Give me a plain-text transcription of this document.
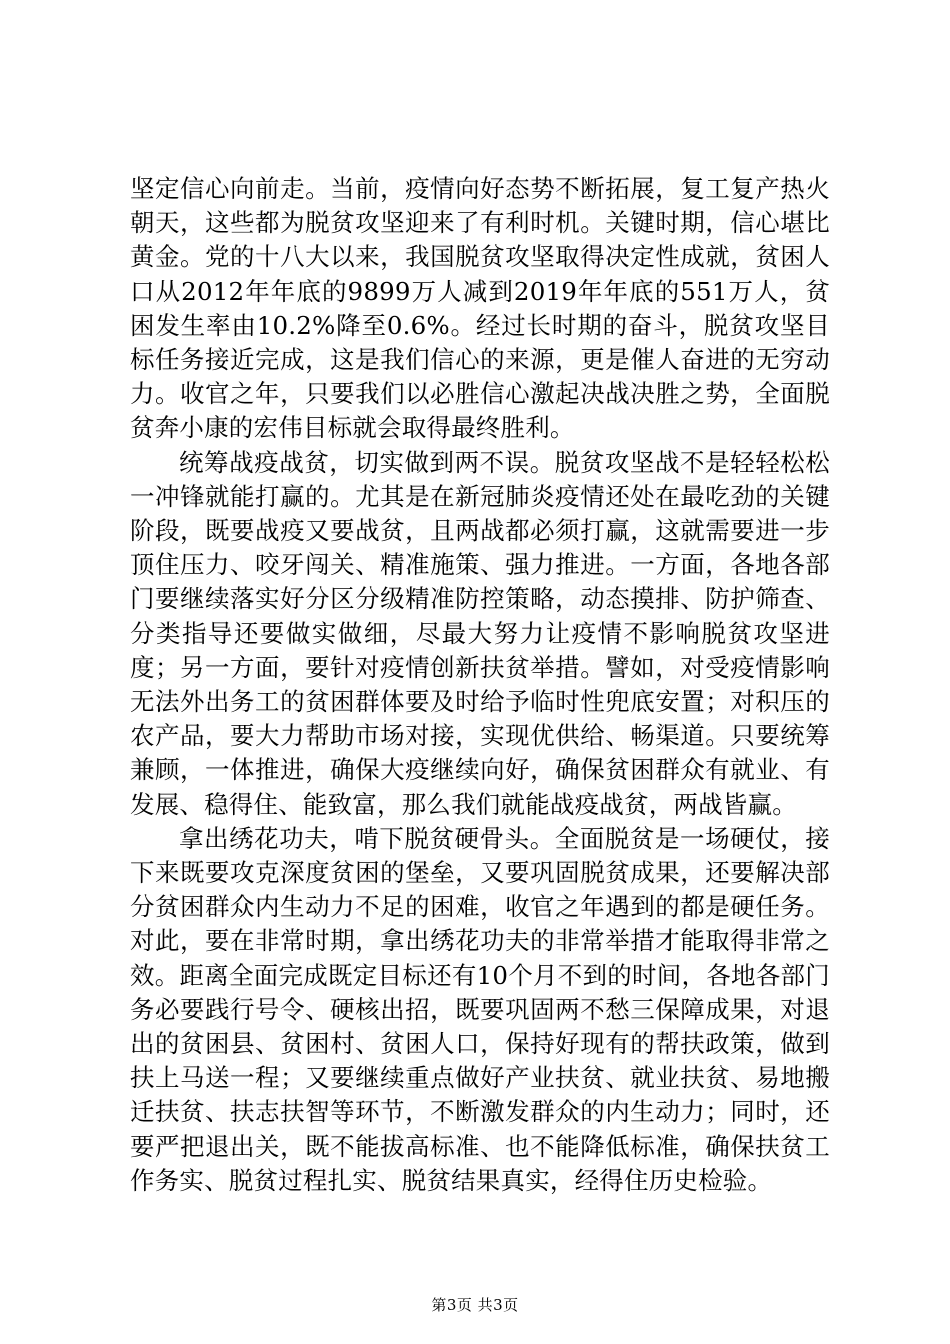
坚定信心向前走。当前，疫情向好态势不断拓展，复工复产热火朝天，这些都为脱贫攻坚迎来了有利时机。关键时期，信心堪比黄金。党的十八大以来，我国脱贫攻坚取得决定性成就，贫困人口从2012年年底的9899万人减到2019年年底的551万人，贫困发生率由10.2%降至0.6%。经过长时期的奋斗，脱贫攻坚目标任务接近完成，这是我们信心的来源，更是催人奋进的无穷动力。收官之年，只要我们以必胜信心激起决战决胜之势，全面脱贫奔小康的宏伟目标就会取得最终胜利。

统筹战疫战贫，切实做到两不误。脱贫攻坚战不是轻轻松松一冲锋就能打赢的。尤其是在新冠肺炎疫情还处在最吃劲的关键阶段，既要战疫又要战贫，且两战都必须打赢，这就需要进一步顶住压力、咬牙闯关、精准施策、强力推进。一方面，各地各部门要继续落实好分区分级精准防控策略，动态摸排、防护筛查、分类指导还要做实做细，尽最大努力让疫情不影响脱贫攻坚进度；另一方面，要针对疫情创新扶贫举措。譬如，对受疫情影响无法外出务工的贫困群体要及时给予临时性兜底安置；对积压的农产品，要大力帮助市场对接，实现优供给、畅渠道。只要统筹兼顾，一体推进，确保大疫继续向好，确保贫困群众有就业、有发展、稳得住、能致富，那么我们就能战疫战贫，两战皆赢。

拿出绣花功夫，啃下脱贫硬骨头。全面脱贫是一场硬仗，接下来既要攻克深度贫困的堡垒，又要巩固脱贫成果，还要解决部分贫困群众内生动力不足的困难，收官之年遇到的都是硬任务。对此，要在非常时期，拿出绣花功夫的非常举措才能取得非常之效。距离全面完成既定目标还有10个月不到的时间，各地各部门务必要践行号令、硬核出招，既要巩固两不愁三保障成果，对退出的贫困县、贫困村、贫困人口，保持好现有的帮扶政策，做到扶上马送一程；又要继续重点做好产业扶贫、就业扶贫、易地搬迁扶贫、扶志扶智等环节，不断激发群众的内生动力；同时，还要严把退出关，既不能拔高标准、也不能降低标准，确保扶贫工作务实、脱贫过程扎实、脱贫结果真实，经得住历史检验。

第3页 共3页
